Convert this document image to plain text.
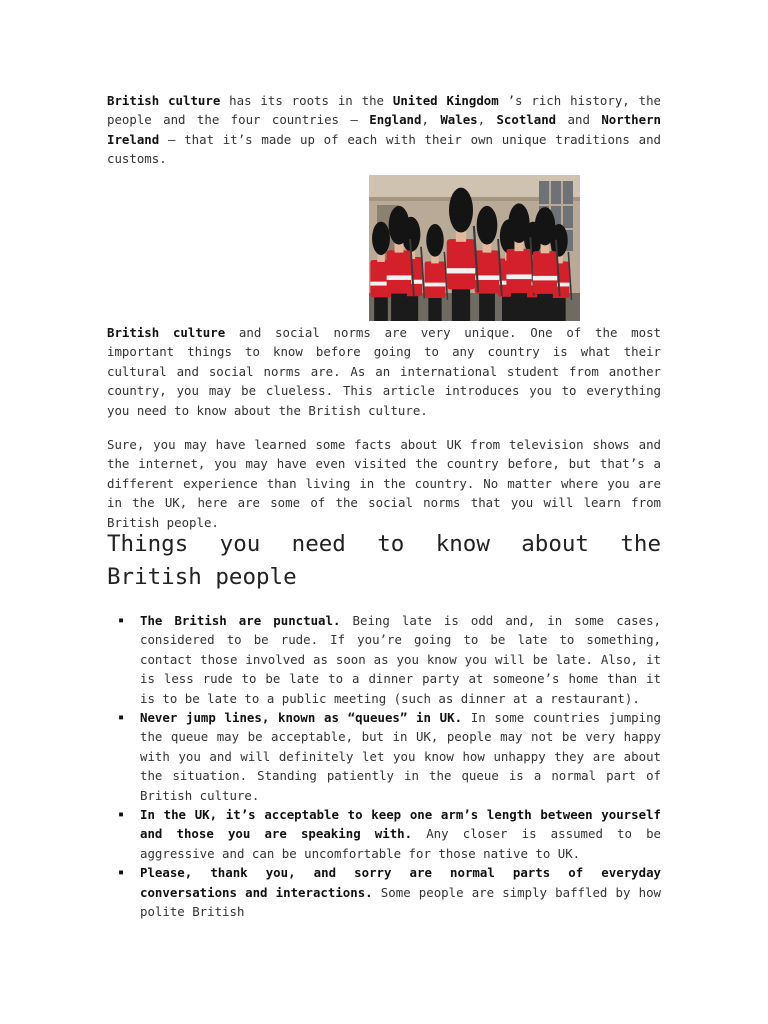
British culture has its roots in the United Kingdom ’s rich history, the people and the four countries – England, Wales, Scotland and Northern Ireland – that it’s made up of each with their own unique traditions and customs.

British culture and social norms are very unique. One of the most important things to know before going to any country is what their cultural and social norms are. As an international student from another country, you may be clueless. This article introduces you to everything you need to know about the British culture.

Sure, you may have learned some facts about UK from television shows and the internet, you may have even visited the country before, but that’s a different experience than living in the country. No matter where you are in the UK, here are some of the social norms that you will learn from British people.

Things you need to know about the British people
▪ The British are punctual. Being late is odd and, in some cases, considered to be rude. If you’re going to be late to something, contact those involved as soon as you know you will be late. Also, it is less rude to be late to a dinner party at someone’s home than it is to be late to a public meeting (such as dinner at a restaurant).
▪ Never jump lines, known as “queues” in UK. In some countries jumping the queue may be acceptable, but in UK, people may not be very happy with you and will definitely let you know how unhappy they are about the situation. Standing patiently in the queue is a normal part of British culture.
▪ In the UK, it’s acceptable to keep one arm’s length between yourself and those you are speaking with. Any closer is assumed to be aggressive and can be uncomfortable for those native to UK.
▪ Please, thank you, and sorry are normal parts of everyday conversations and interactions. Some people are simply baffled by how polite British
